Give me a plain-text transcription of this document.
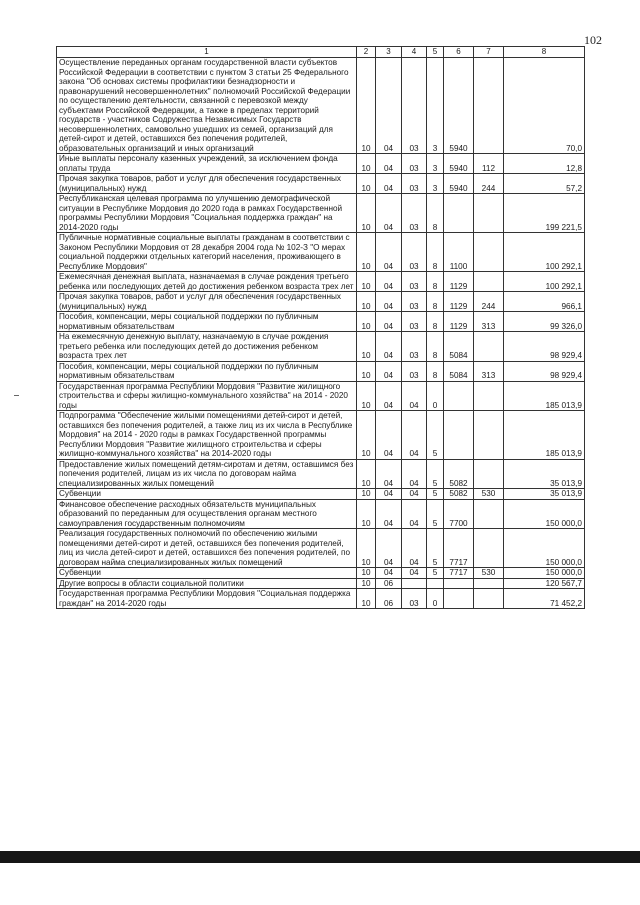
102
1	2	3	4	5	6	7	8
Осуществление переданных органам государственной власти субъектов Российской Федерации в соответствии с пунктом 3 статьи 25 Федерального закона "Об основах системы профилактики безнадзорности и правонарушений несовершеннолетних" полномочий Российской Федерации по осуществлению деятельности, связанной с перевозкой между субъектами Российской Федерации, а также в пределах территорий государств - участников Содружества Независимых Государств несовершеннолетних, самовольно ушедших из семей, организаций для детей-сирот и детей, оставшихся без попечения родителей, образовательных организаций и иных организаций	10	04	03	3	5940		70,0
Иные выплаты персоналу казенных учреждений, за исключением фонда оплаты труда	10	04	03	3	5940	112	12,8
Прочая закупка товаров, работ и услуг для обеспечения государственных (муниципальных) нужд	10	04	03	3	5940	244	57,2
Республиканская целевая программа по улучшению демографической ситуации в Республике Мордовия до 2020 года в рамках Государственной программы Республики Мордовия "Социальная поддержка граждан" на 2014-2020 годы	10	04	03	8			199 221,5
Публичные нормативные социальные выплаты гражданам в соответствии с Законом Республики Мордовия от 28 декабря 2004 года № 102-З "О мерах социальной поддержки отдельных категорий населения, проживающего в Республике Мордовия"	10	04	03	8	1100		100 292,1
Ежемесячная денежная выплата, назначаемая в случае рождения третьего ребенка или последующих детей до достижения ребенком возраста трех лет	10	04	03	8	1129		100 292,1
Прочая закупка товаров, работ и услуг для обеспечения государственных (муниципальных) нужд	10	04	03	8	1129	244	966,1
Пособия, компенсации, меры социальной поддержки по публичным нормативным обязательствам	10	04	03	8	1129	313	99 326,0
На ежемесячную денежную выплату, назначаемую в случае рождения третьего ребенка или последующих детей до достижения ребенком возраста трех лет	10	04	03	8	5084		98 929,4
Пособия, компенсации, меры социальной поддержки по публичным нормативным обязательствам	10	04	03	8	5084	313	98 929,4
Государственная программа Республики Мордовия "Развитие жилищного строительства и сферы жилищно-коммунального хозяйства" на 2014 - 2020 годы	10	04	04	0			185 013,9
Подпрограмма "Обеспечение жилыми помещениями детей-сирот и детей, оставшихся без попечения родителей, а также лиц из их числа в Республике Мордовия" на 2014 - 2020 годы в рамках Государственной программы Республики Мордовия "Развитие жилищного строительства и сферы жилищно-коммунального хозяйства" на 2014-2020 годы	10	04	04	5			185 013,9
Предоставление жилых помещений детям-сиротам и детям, оставшимся без попечения родителей, лицам из их числа по договорам найма специализированных жилых помещений	10	04	04	5	5082		35 013,9
Субвенции	10	04	04	5	5082	530	35 013,9
Финансовое обеспечение расходных обязательств муниципальных образований по переданным для осуществления органам местного самоуправления государственным полномочиям	10	04	04	5	7700		150 000,0
Реализация государственных полномочий по обеспечению жилыми помещениями детей-сирот и детей, оставшихся без попечения родителей, лиц из числа детей-сирот и детей, оставшихся без попечения родителей, по договорам найма специализированных жилых помещений	10	04	04	5	7717		150 000,0
Субвенции	10	04	04	5	7717	530	150 000,0
Другие вопросы в области социальной политики	10	06					120 567,7
Государственная программа Республики Мордовия "Социальная поддержка граждан" на 2014-2020 годы	10	06	03	0			71 452,2
